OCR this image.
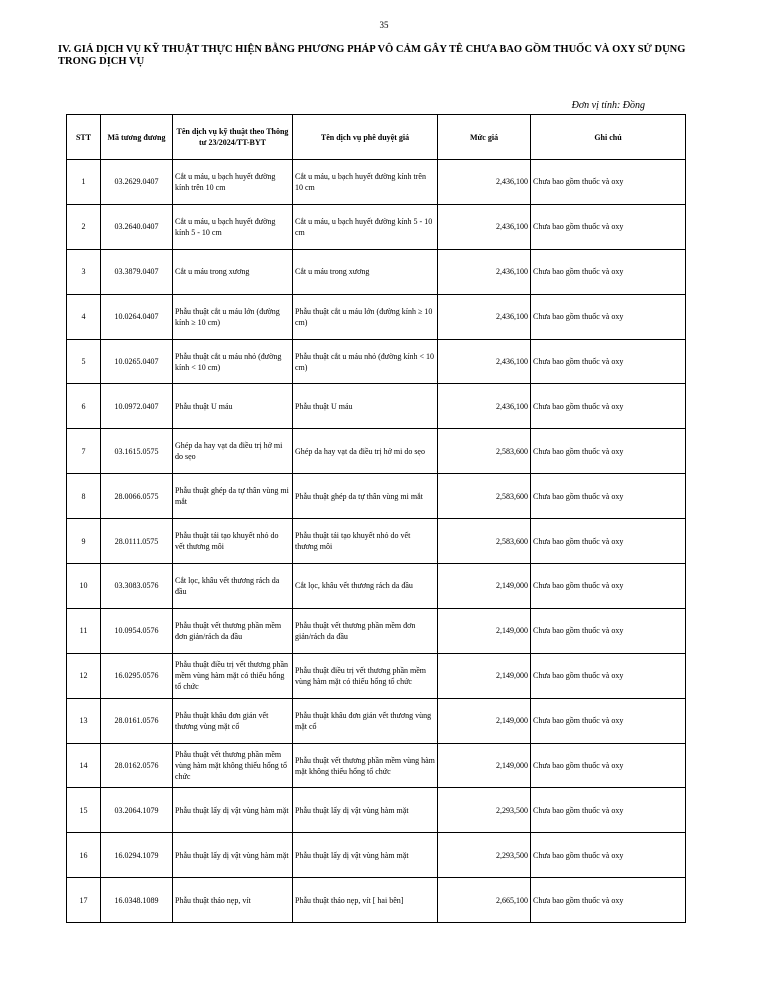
35
IV. GIÁ DỊCH VỤ KỸ THUẬT THỰC HIỆN BẰNG PHƯƠNG PHÁP VÔ CẢM GÂY TÊ CHƯA BAO GỒM THUỐC VÀ OXY SỬ DỤNG TRONG DỊCH VỤ
Đơn vị tính: Đồng
STT	Mã tương đương	Tên dịch vụ kỹ thuật theo Thông tư 23/2024/TT-BYT	Tên dịch vụ phê duyệt giá	Mức giá	Ghi chú
1	03.2629.0407	Cắt u máu, u bạch huyết đường kính trên 10 cm	Cắt u máu, u bạch huyết đường kính trên 10 cm	2,436,100	Chưa bao gồm thuốc và oxy
2	03.2640.0407	Cắt u máu, u bạch huyết đường kính 5 - 10 cm	Cắt u máu, u bạch huyết đường kính 5 - 10 cm	2,436,100	Chưa bao gồm thuốc và oxy
3	03.3879.0407	Cắt u máu trong xương	Cắt u máu trong xương	2,436,100	Chưa bao gồm thuốc và oxy
4	10.0264.0407	Phẫu thuật cắt u máu lớn (đường kính ≥ 10 cm)	Phẫu thuật cắt u máu lớn (đường kính ≥ 10 cm)	2,436,100	Chưa bao gồm thuốc và oxy
5	10.0265.0407	Phẫu thuật cắt u máu nhỏ (đường kính < 10 cm)	Phẫu thuật cắt u máu nhỏ (đường kính < 10 cm)	2,436,100	Chưa bao gồm thuốc và oxy
6	10.0972.0407	Phẫu thuật U máu	Phẫu thuật U máu	2,436,100	Chưa bao gồm thuốc và oxy
7	03.1615.0575	Ghép da hay vạt da điều trị hở mi do sẹo	Ghép da hay vạt da điều trị hở mi do sẹo	2,583,600	Chưa bao gồm thuốc và oxy
8	28.0066.0575	Phẫu thuật ghép da tự thân vùng mi mắt	Phẫu thuật ghép da tự thân vùng mi mắt	2,583,600	Chưa bao gồm thuốc và oxy
9	28.0111.0575	Phẫu thuật tái tạo khuyết nhỏ do vết thương môi	Phẫu thuật tái tạo khuyết nhỏ do vết thương môi	2,583,600	Chưa bao gồm thuốc và oxy
10	03.3083.0576	Cắt lọc, khâu vết thương rách da đầu	Cắt lọc, khâu vết thương rách da đầu	2,149,000	Chưa bao gồm thuốc và oxy
11	10.0954.0576	Phẫu thuật vết thương phần mềm đơn giản/rách da đầu	Phẫu thuật vết thương phần mềm đơn giản/rách da đầu	2,149,000	Chưa bao gồm thuốc và oxy
12	16.0295.0576	Phẫu thuật điều trị vết thương phần mềm vùng hàm mặt có thiếu hổng tổ chức	Phẫu thuật điều trị vết thương phần mềm vùng hàm mặt có thiếu hổng tổ chức	2,149,000	Chưa bao gồm thuốc và oxy
13	28.0161.0576	Phẫu thuật khâu đơn giản vết thương vùng mặt cổ	Phẫu thuật khâu đơn giản vết thương vùng mặt cổ	2,149,000	Chưa bao gồm thuốc và oxy
14	28.0162.0576	Phẫu thuật vết thương phần mềm vùng hàm mặt không thiếu hổng tổ chức	Phẫu thuật vết thương phần mềm vùng hàm mặt không thiếu hổng tổ chức	2,149,000	Chưa bao gồm thuốc và oxy
15	03.2064.1079	Phẫu thuật lấy dị vật vùng hàm mặt	Phẫu thuật lấy dị vật vùng hàm mặt	2,293,500	Chưa bao gồm thuốc và oxy
16	16.0294.1079	Phẫu thuật lấy dị vật vùng hàm mặt	Phẫu thuật lấy dị vật vùng hàm mặt	2,293,500	Chưa bao gồm thuốc và oxy
17	16.0348.1089	Phẫu thuật tháo nẹp, vít	Phẫu thuật tháo nẹp, vít [ hai bên]	2,665,100	Chưa bao gồm thuốc và oxy
